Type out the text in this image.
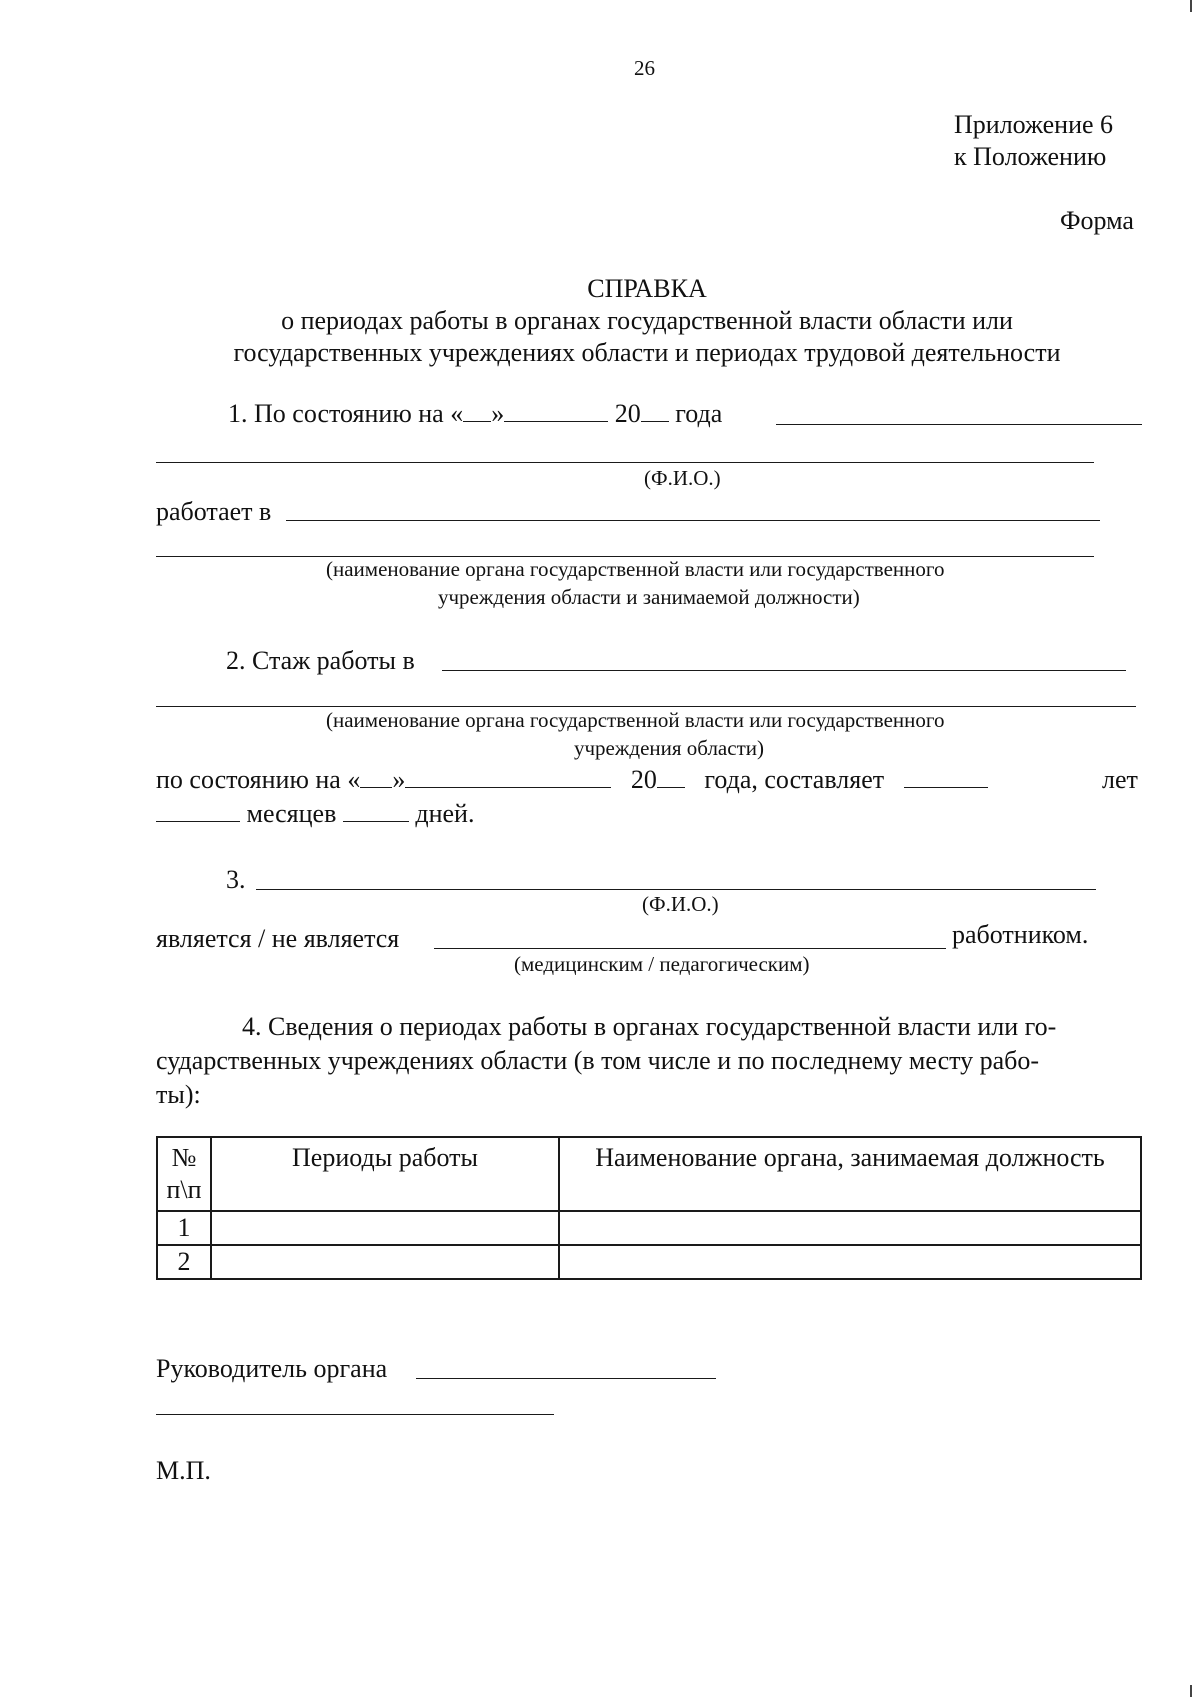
26
Приложение 6
к Положению
Форма
СПРАВКА
о периодах работы в органах государственной власти области или
государственных учреждениях области и периодах трудовой деятельности
1. По состоянию на « »	20 года
(Ф.И.О.)
работает в
(наименование органа государственной власти или государственного
учреждения области и занимаемой должности)
2. Стаж работы в
(наименование органа государственной власти или государственного
учреждения области)
по состоянию на « »	20 года, составляет	лет
месяцев	дней.
3.
(Ф.И.О.)
является / не является	работником.
(медицинским / педагогическим)
4. Сведения о периодах работы в органах государственной власти или го-
сударственных учреждениях области (в том числе и по последнему месту рабо-
ты):
№
п\п	Периоды работы	Наименование органа, занимаемая должность
1		
2		
Руководитель органа
М.П.
